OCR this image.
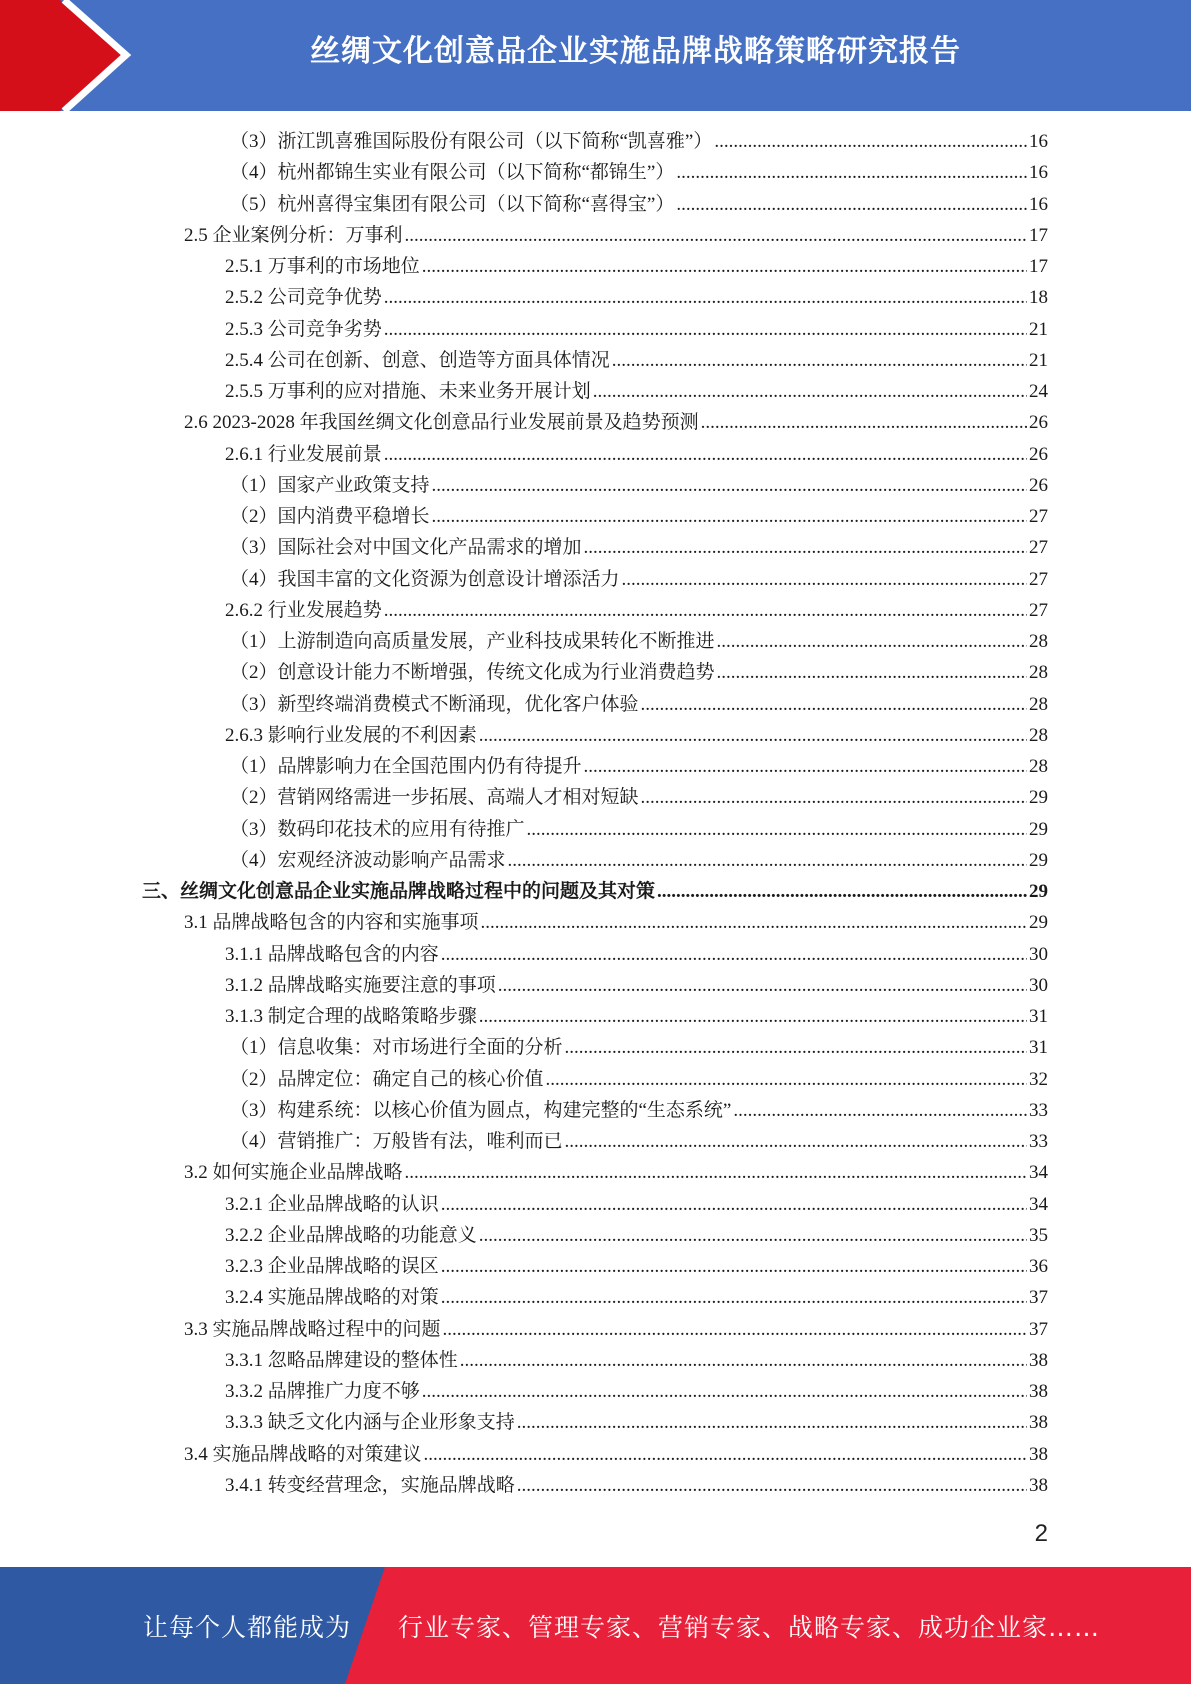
丝绸文化创意品企业实施品牌战略策略研究报告
（3）浙江凯喜雅国际股份有限公司（以下简称“凯喜雅”） .....	16
（4）杭州都锦生实业有限公司（以下简称“都锦生”） .....	16
（5）杭州喜得宝集团有限公司（以下简称“喜得宝”） .....	16
2.5 企业案例分析：万事利 .....	17
2.5.1 万事利的市场地位 .....	17
2.5.2 公司竞争优势 .....	18
2.5.3 公司竞争劣势 .....	21
2.5.4 公司在创新、创意、创造等方面具体情况 .....	21
2.5.5 万事利的应对措施、未来业务开展计划 .....	24
2.6 2023-2028 年我国丝绸文化创意品行业发展前景及趋势预测 .....	26
2.6.1 行业发展前景 .....	26
（1）国家产业政策支持 .....	26
（2）国内消费平稳增长 .....	27
（3）国际社会对中国文化产品需求的增加 .....	27
（4）我国丰富的文化资源为创意设计增添活力 .....	27
2.6.2 行业发展趋势 .....	27
（1）上游制造向高质量发展，产业科技成果转化不断推进 .....	28
（2）创意设计能力不断增强，传统文化成为行业消费趋势 .....	28
（3）新型终端消费模式不断涌现，优化客户体验 .....	28
2.6.3 影响行业发展的不利因素 .....	28
（1）品牌影响力在全国范围内仍有待提升 .....	28
（2）营销网络需进一步拓展、高端人才相对短缺 .....	29
（3）数码印花技术的应用有待推广 .....	29
（4）宏观经济波动影响产品需求 .....	29
三、丝绸文化创意品企业实施品牌战略过程中的问题及其对策 .....	29
3.1 品牌战略包含的内容和实施事项 .....	29
3.1.1 品牌战略包含的内容 .....	30
3.1.2 品牌战略实施要注意的事项 .....	30
3.1.3 制定合理的战略策略步骤 .....	31
（1）信息收集：对市场进行全面的分析 .....	31
（2）品牌定位：确定自己的核心价值 .....	32
（3）构建系统：以核心价值为圆点，构建完整的“生态系统” .....	33
（4）营销推广：万般皆有法，唯利而已 .....	33
3.2 如何实施企业品牌战略 .....	34
3.2.1 企业品牌战略的认识 .....	34
3.2.2 企业品牌战略的功能意义 .....	35
3.2.3 企业品牌战略的误区 .....	36
3.2.4 实施品牌战略的对策 .....	37
3.3 实施品牌战略过程中的问题 .....	37
3.3.1 忽略品牌建设的整体性 .....	38
3.3.2 品牌推广力度不够 .....	38
3.3.3 缺乏文化内涵与企业形象支持 .....	38
3.4 实施品牌战略的对策建议 .....	38
3.4.1 转变经营理念，实施品牌战略 .....	38
2
让每个人都能成为 行业专家、管理专家、营销专家、战略专家、成功企业家……
